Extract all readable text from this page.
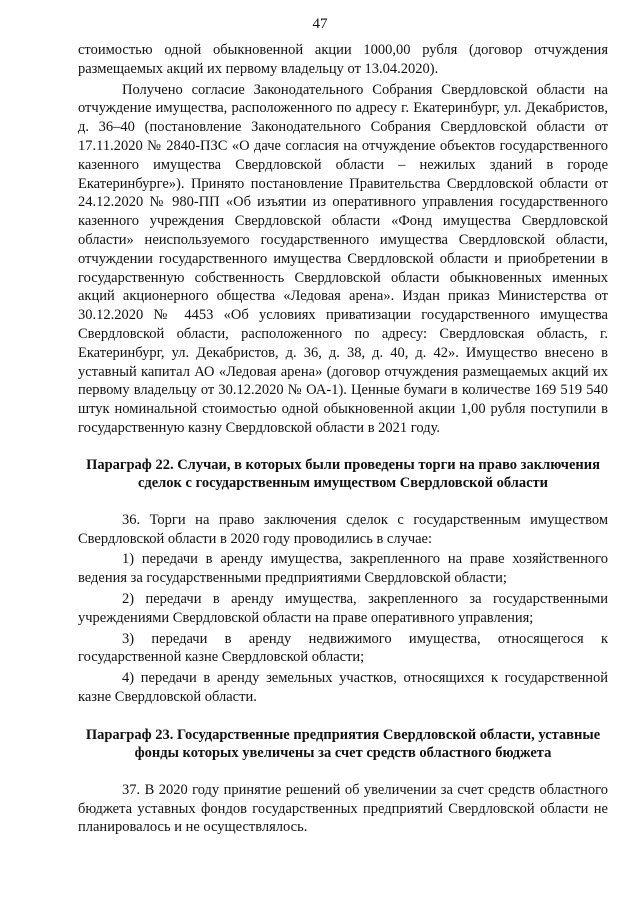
47

стоимостью одной обыкновенной акции 1000,00 рубля (договор отчуждения размещаемых акций их первому владельцу от 13.04.2020).

Получено согласие Законодательного Собрания Свердловской области на отчуждение имущества, расположенного по адресу г. Екатеринбург, ул. Декабристов, д. 36–40 (постановление Законодательного Собрания Свердловской области от 17.11.2020 № 2840-ПЗС «О даче согласия на отчуждение объектов государственного казенного имущества Свердловской области – нежилых зданий в городе Екатеринбурге»). Принято постановление Правительства Свердловской области от 24.12.2020 № 980-ПП «Об изъятии из оперативного управления государственного казенного учреждения Свердловской области «Фонд имущества Свердловской области» неиспользуемого государственного имущества Свердловской области, отчуждении государственного имущества Свердловской области и приобретении в государственную собственность Свердловской области обыкновенных именных акций акционерного общества «Ледовая арена». Издан приказ Министерства от 30.12.2020 № 4453 «Об условиях приватизации государственного имущества Свердловской области, расположенного по адресу: Свердловская область, г. Екатеринбург, ул. Декабристов, д. 36, д. 38, д. 40, д. 42». Имущество внесено в уставный капитал АО «Ледовая арена» (договор отчуждения размещаемых акций их первому владельцу от 30.12.2020 № ОА-1). Ценные бумаги в количестве 169 519 540 штук номинальной стоимостью одной обыкновенной акции 1,00 рубля поступили в государственную казну Свердловской области в 2021 году.

Параграф 22. Случаи, в которых были проведены торги на право заключения сделок с государственным имуществом Свердловской области

36. Торги на право заключения сделок с государственным имуществом Свердловской области в 2020 году проводились в случае:

1) передачи в аренду имущества, закрепленного на праве хозяйственного ведения за государственными предприятиями Свердловской области;

2) передачи в аренду имущества, закрепленного за государственными учреждениями Свердловской области на праве оперативного управления;

3) передачи в аренду недвижимого имущества, относящегося к государственной казне Свердловской области;

4) передачи в аренду земельных участков, относящихся к государственной казне Свердловской области.

Параграф 23. Государственные предприятия Свердловской области, уставные фонды которых увеличены за счет средств областного бюджета

37. В 2020 году принятие решений об увеличении за счет средств областного бюджета уставных фондов государственных предприятий Свердловской области не планировалось и не осуществлялось.
